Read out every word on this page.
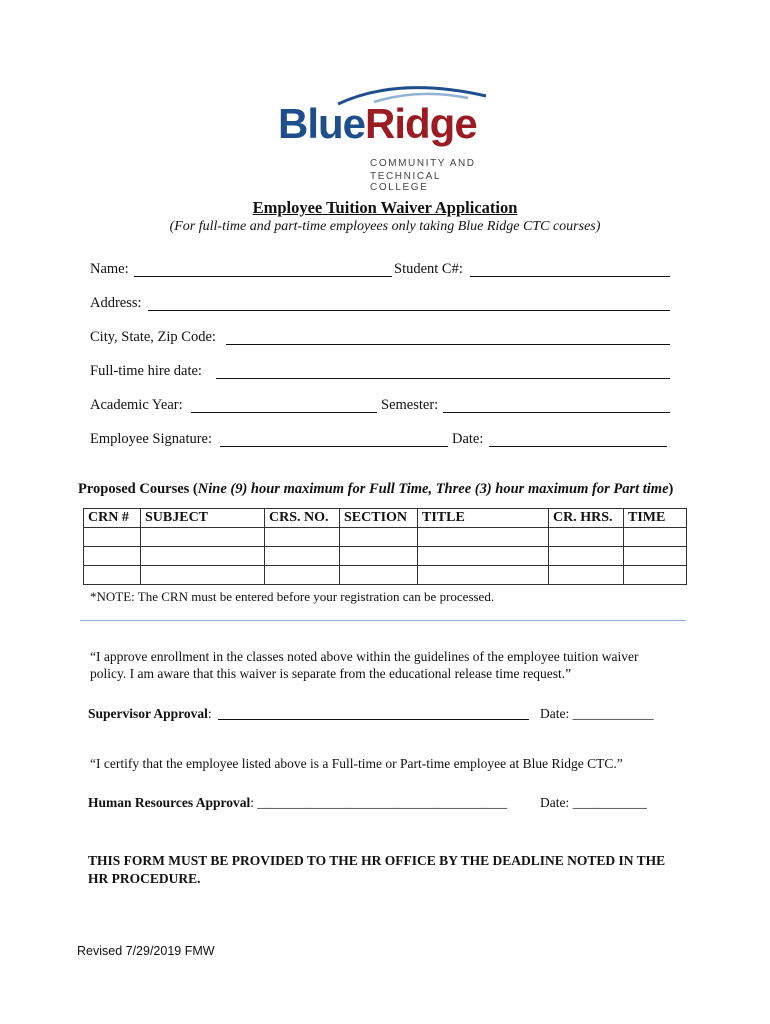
BlueRidge
COMMUNITY AND
TECHNICAL COLLEGE
Employee Tuition Waiver Application
(For full-time and part-time employees only taking Blue Ridge CTC courses)
Name:	Student C#:
Address:
City, State, Zip Code:
Full-time hire date:
Academic Year:	Semester:
Employee Signature:	Date:
Proposed Courses (Nine (9) hour maximum for Full Time, Three (3) hour maximum for Part time)
CRN #	SUBJECT	CRS. NO.	SECTION	TITLE	CR. HRS.	TIME

*NOTE: The CRN must be entered before your registration can be processed.
“I approve enrollment in the classes noted above within the guidelines of the employee tuition waiver policy. I am aware that this waiver is separate from the educational release time request.”
Supervisor Approval:	Date: ____________
“I certify that the employee listed above is a Full-time or Part-time employee at Blue Ridge CTC.”
Human Resources Approval: _____________________________________ Date: ___________
THIS FORM MUST BE PROVIDED TO THE HR OFFICE BY THE DEADLINE NOTED IN THE HR PROCEDURE.
Revised 7/29/2019 FMW
